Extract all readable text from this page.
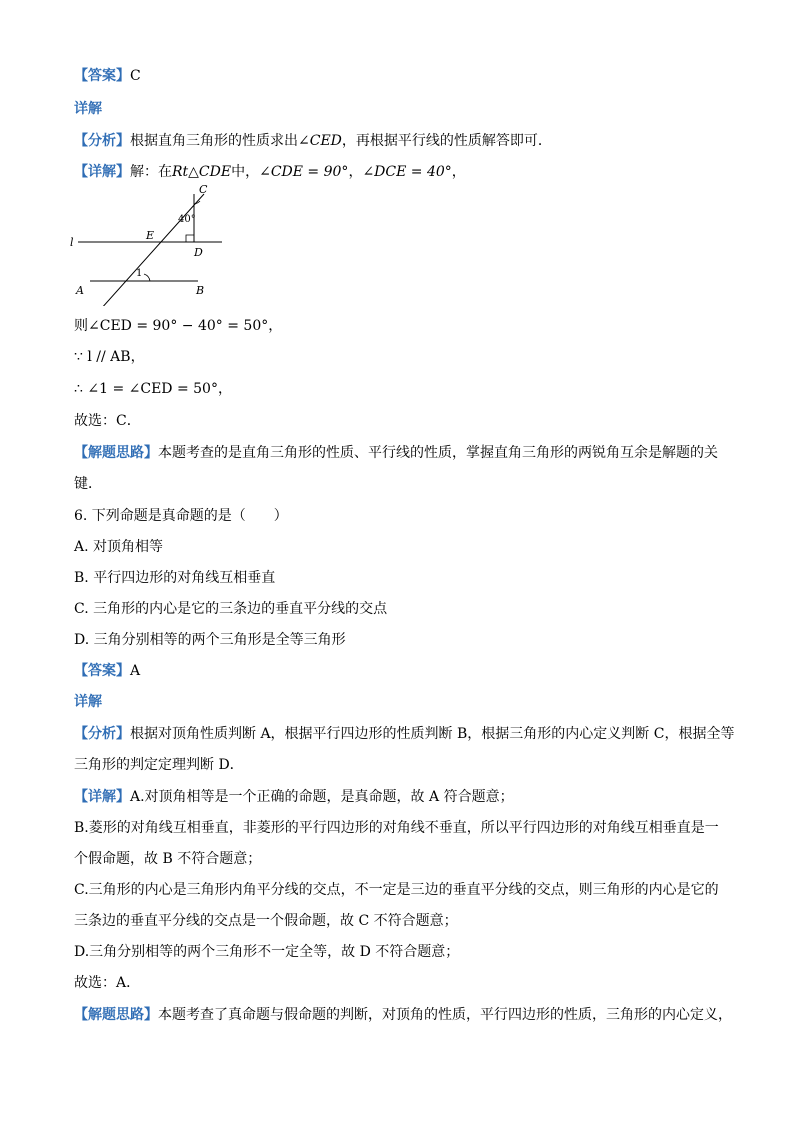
【答案】C
详解
【分析】根据直角三角形的性质求出∠CED，再根据平行线的性质解答即可．
【详解】解：在Rt△CDE中，∠CDE = 90°，∠DCE = 40°，
C
40°
l
E
D
1
A	B
则∠CED = 90° − 40° = 50°，
∵ l // AB，
∴ ∠1 = ∠CED = 50°，
故选：C．
【解题思路】本题考查的是直角三角形的性质、平行线的性质，掌握直角三角形的两锐角互余是解题的关
键．
6. 下列命题是真命题的是（　　）
A. 对顶角相等
B. 平行四边形的对角线互相垂直
C. 三角形的内心是它的三条边的垂直平分线的交点
D. 三角分别相等的两个三角形是全等三角形
【答案】A
详解
【分析】根据对顶角性质判断 A，根据平行四边形的性质判断 B，根据三角形的内心定义判断 C，根据全等
三角形的判定定理判断 D．
【详解】A.对顶角相等是一个正确的命题，是真命题，故 A 符合题意；
B.菱形的对角线互相垂直，非菱形的平行四边形的对角线不垂直，所以平行四边形的对角线互相垂直是一
个假命题，故 B 不符合题意；
C.三角形的内心是三角形内角平分线的交点，不一定是三边的垂直平分线的交点，则三角形的内心是它的
三条边的垂直平分线的交点是一个假命题，故 C 不符合题意；
D.三角分别相等的两个三角形不一定全等，故 D 不符合题意；
故选：A．
【解题思路】本题考查了真命题与假命题的判断，对顶角的性质，平行四边形的性质，三角形的内心定义，
